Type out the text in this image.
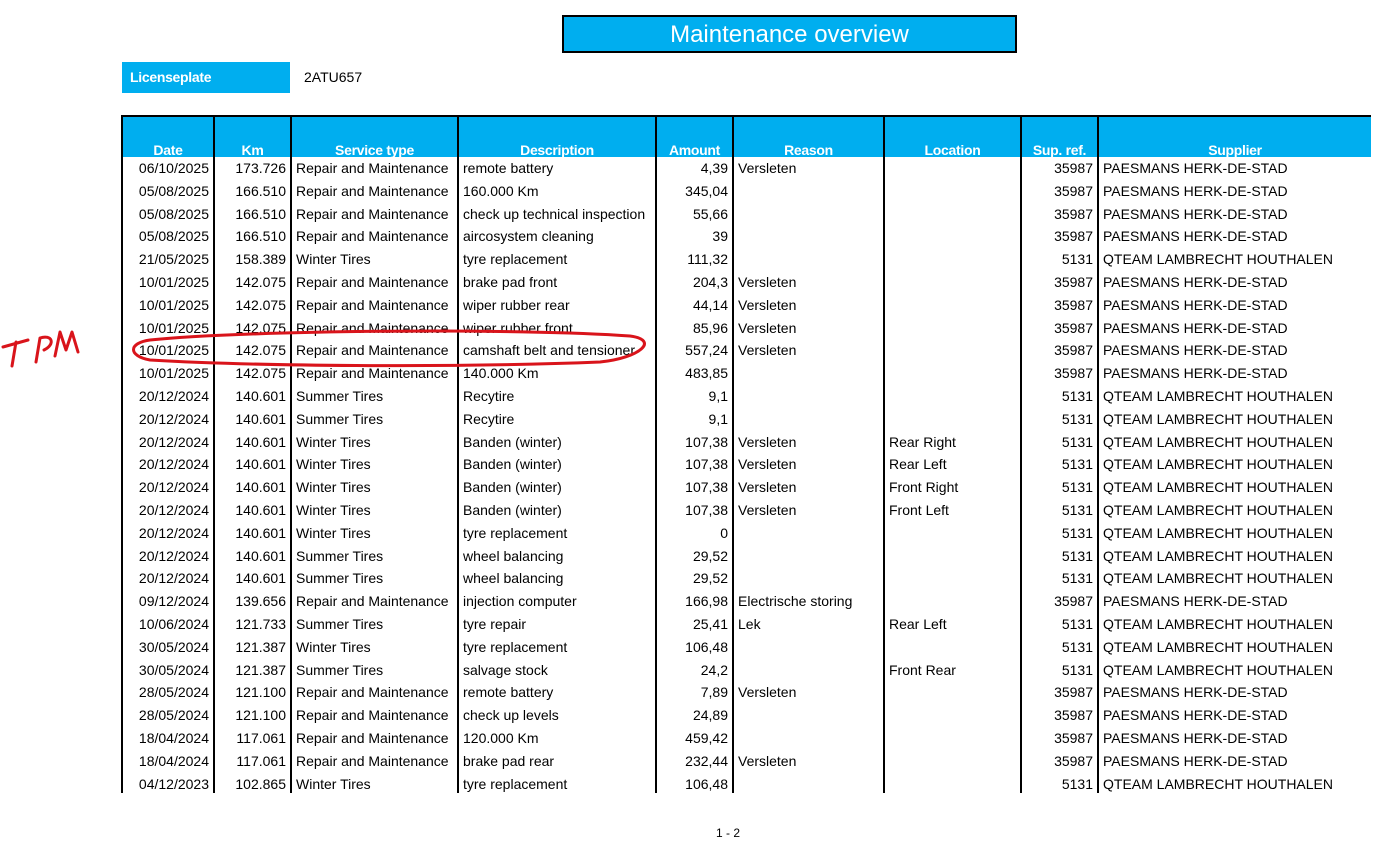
Maintenance overview
Licenseplate	2ATU657
Date	Km	Service type	Description	Amount	Reason	Location	Sup. ref.	Supplier
06/10/2025	173.726	Repair and Maintenance	remote battery	4,39	Versleten		35987	PAESMANS HERK-DE-STAD
05/08/2025	166.510	Repair and Maintenance	160.000 Km	345,04			35987	PAESMANS HERK-DE-STAD
05/08/2025	166.510	Repair and Maintenance	check up technical inspection	55,66			35987	PAESMANS HERK-DE-STAD
05/08/2025	166.510	Repair and Maintenance	aircosystem cleaning	39			35987	PAESMANS HERK-DE-STAD
21/05/2025	158.389	Winter Tires	tyre replacement	111,32			5131	QTEAM LAMBRECHT HOUTHALEN
10/01/2025	142.075	Repair and Maintenance	brake pad front	204,3	Versleten		35987	PAESMANS HERK-DE-STAD
10/01/2025	142.075	Repair and Maintenance	wiper rubber rear	44,14	Versleten		35987	PAESMANS HERK-DE-STAD
10/01/2025	142.075	Repair and Maintenance	wiper rubber front	85,96	Versleten		35987	PAESMANS HERK-DE-STAD
10/01/2025	142.075	Repair and Maintenance	camshaft belt and tensioner	557,24	Versleten		35987	PAESMANS HERK-DE-STAD
10/01/2025	142.075	Repair and Maintenance	140.000 Km	483,85			35987	PAESMANS HERK-DE-STAD
20/12/2024	140.601	Summer Tires	Recytire	9,1			5131	QTEAM LAMBRECHT HOUTHALEN
20/12/2024	140.601	Summer Tires	Recytire	9,1			5131	QTEAM LAMBRECHT HOUTHALEN
20/12/2024	140.601	Winter Tires	Banden (winter)	107,38	Versleten	Rear Right	5131	QTEAM LAMBRECHT HOUTHALEN
20/12/2024	140.601	Winter Tires	Banden (winter)	107,38	Versleten	Rear Left	5131	QTEAM LAMBRECHT HOUTHALEN
20/12/2024	140.601	Winter Tires	Banden (winter)	107,38	Versleten	Front Right	5131	QTEAM LAMBRECHT HOUTHALEN
20/12/2024	140.601	Winter Tires	Banden (winter)	107,38	Versleten	Front Left	5131	QTEAM LAMBRECHT HOUTHALEN
20/12/2024	140.601	Winter Tires	tyre replacement	0			5131	QTEAM LAMBRECHT HOUTHALEN
20/12/2024	140.601	Summer Tires	wheel balancing	29,52			5131	QTEAM LAMBRECHT HOUTHALEN
20/12/2024	140.601	Summer Tires	wheel balancing	29,52			5131	QTEAM LAMBRECHT HOUTHALEN
09/12/2024	139.656	Repair and Maintenance	injection computer	166,98	Electrische storing		35987	PAESMANS HERK-DE-STAD
10/06/2024	121.733	Summer Tires	tyre repair	25,41	Lek	Rear Left	5131	QTEAM LAMBRECHT HOUTHALEN
30/05/2024	121.387	Winter Tires	tyre replacement	106,48			5131	QTEAM LAMBRECHT HOUTHALEN
30/05/2024	121.387	Summer Tires	salvage stock	24,2		Front Rear	5131	QTEAM LAMBRECHT HOUTHALEN
28/05/2024	121.100	Repair and Maintenance	remote battery	7,89	Versleten		35987	PAESMANS HERK-DE-STAD
28/05/2024	121.100	Repair and Maintenance	check up levels	24,89			35987	PAESMANS HERK-DE-STAD
18/04/2024	117.061	Repair and Maintenance	120.000 Km	459,42			35987	PAESMANS HERK-DE-STAD
18/04/2024	117.061	Repair and Maintenance	brake pad rear	232,44	Versleten		35987	PAESMANS HERK-DE-STAD
04/12/2023	102.865	Winter Tires	tyre replacement	106,48			5131	QTEAM LAMBRECHT HOUTHALEN
1 - 2
